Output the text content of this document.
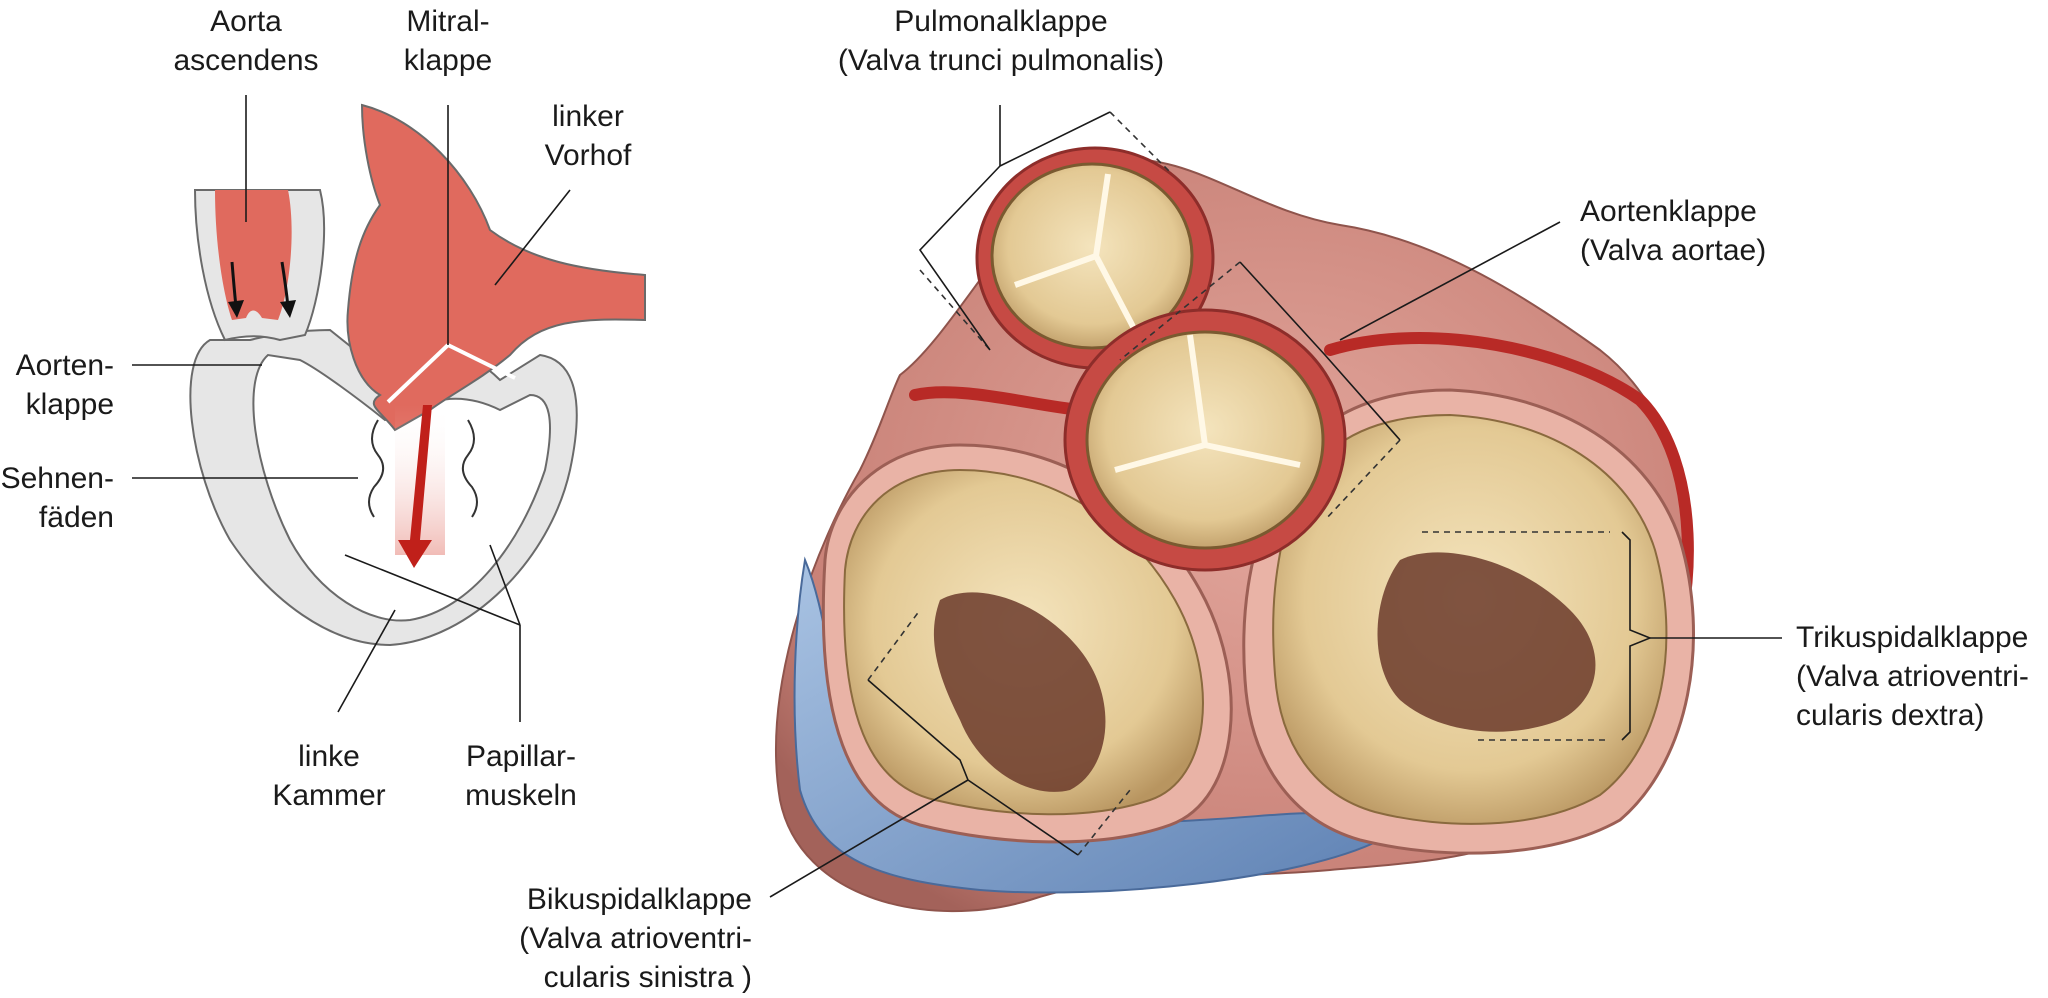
Aorta
ascendens
Mitral-
klappe
linker
Vorhof
Aorten-
klappe
Sehnen-
fäden
linke
Kammer
Papillar-
muskeln
Pulmonalklappe
(Valva trunci pulmonalis)
Aortenklappe
(Valva aortae)
Trikuspidalklappe
(Valva atrioventri-
cularis dextra)
Bikuspidalklappe
(Valva atrioventri-
cularis sinistra )
